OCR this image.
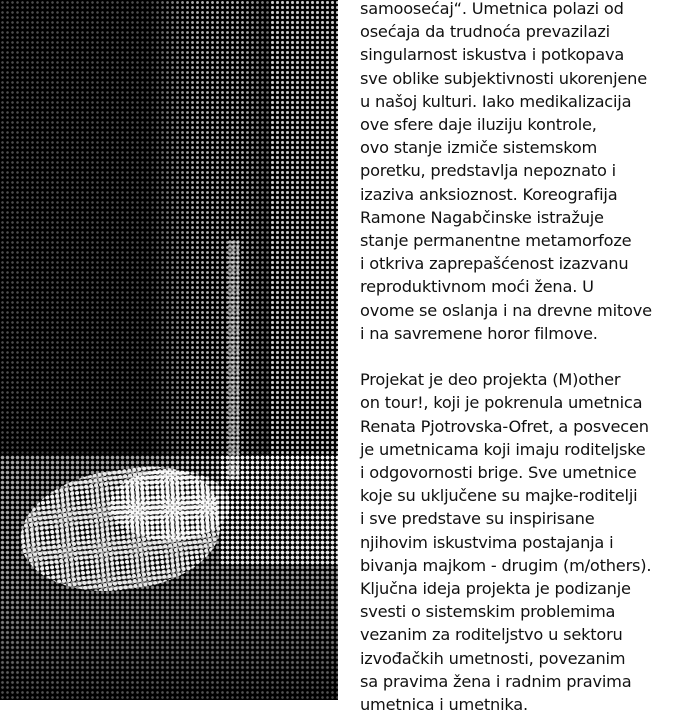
samoosećaj“. Umetnica polazi od
osećaja da trudnoća prevazilazi
singularnost iskustva i potkopava
sve oblike subjektivnosti ukorenjene
u našoj kulturi. Iako medikalizacija
ove sfere daje iluziju kontrole,
ovo stanje izmiče sistemskom
poretku, predstavlja nepoznato i
izaziva anksioznost. Koreografija
Ramone Nagabčinske istražuje
stanje permanentne metamorfoze
i otkriva zaprepašćenost izazvanu
reproduktivnom moći žena. U
ovome se oslanja i na drevne mitove
i na savremene horor filmove.
Projekat je deo projekta (M)other
on tour!, koji je pokrenula umetnica
Renata Pjotrovska-Ofret, a posvecen
je umetnicama koji imaju roditeljske
i odgovornosti brige. Sve umetnice
koje su uključene su majke-roditelji
i sve predstave su inspirisane
njihovim iskustvima postajanja i
bivanja majkom - drugim (m/others).
Ključna ideja projekta je podizanje
svesti o sistemskim problemima
vezanim za roditeljstvo u sektoru
izvođačkih umetnosti, povezanim
sa pravima žena i radnim pravima
umetnica i umetnika.
